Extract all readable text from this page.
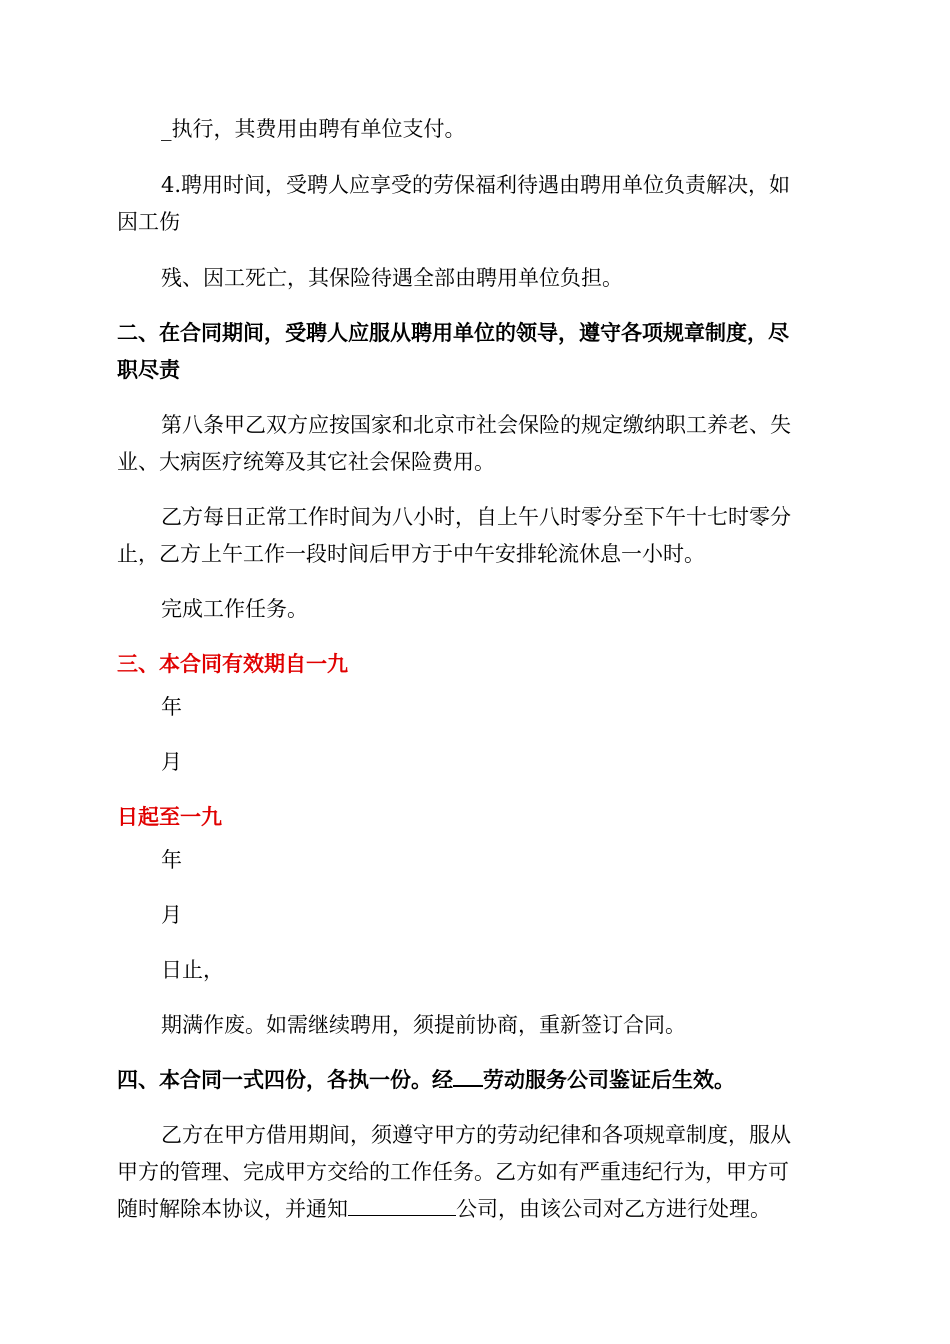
_执行，其费用由聘有单位支付。
4.聘用时间，受聘人应享受的劳保福利待遇由聘用单位负责解决，如
因工伤
残、因工死亡，其保险待遇全部由聘用单位负担。
二、在合同期间，受聘人应服从聘用单位的领导，遵守各项规章制度，尽
职尽责
第八条甲乙双方应按国家和北京市社会保险的规定缴纳职工养老、失
业、大病医疗统筹及其它社会保险费用。
乙方每日正常工作时间为八小时，自上午八时零分至下午十七时零分
止，乙方上午工作一段时间后甲方于中午安排轮流休息一小时。
完成工作任务。
三、本合同有效期自一九
年
月
日起至一九
年
月
日止，
期满作废。如需继续聘用，须提前协商，重新签订合同。
四、本合同一式四份，各执一份。经 劳动服务公司鉴证后生效。
乙方在甲方借用期间，须遵守甲方的劳动纪律和各项规章制度，服从
甲方的管理、完成甲方交给的工作任务。乙方如有严重违纪行为，甲方可
随时解除本协议，并通知	公司，由该公司对乙方进行处理。
